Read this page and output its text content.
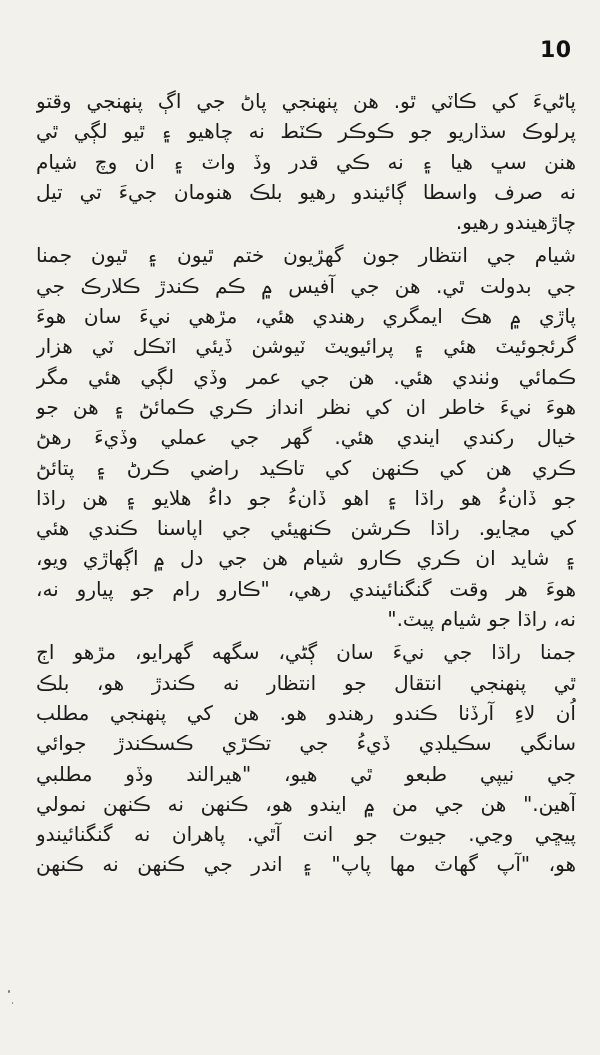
10
پاڻيءَ کي ڪاٽي ٿو. هن پنهنجي پاڻ جي اڳ پنهنجي وقتو
پرلوڪ سڌاريو جو ڪوڪر ڪٽط نه چاهيو ۽ ٿيو لڳي ٿي
هنن سڀ هيا ۽ نه ڪي قدر وڏ واٽ ۽ ان وچ شيام
نه صرف واسطا ڳائيندو رهيو بلڪ هنومان جيءَ تي تيل
چاڙهيندو رهيو.
شيام جي انتظار جون گهڙيون ختم ٿيون ۽ ٿيون جمنا
جي بدولت ٿي. هن جي آفيس ۾ ڪم ڪندڙ ڪلارڪ جي
پاڙي ۾ هڪ ايمگري رهندي هئي، مڙهي نيءَ سان هوءَ
گرئجوئيٽ هئي ۽ پرائيويٽ ٽيوشن ڏيئي اٽڪل ٽي هزار
ڪمائي وٺندي هئي. هن جي عمر وڏي لڳي هئي مگر
هوءَ نيءَ خاطر ان کي نظر انداز ڪري ڪمائڻ ۽ هن جو
خيال رکندي ايندي هئي. گهر جي عملي وڏيءَ رهڻ
ڪري هن کي ڪنهن کي تاڪيد راضي ڪرڻ ۽ پتائڻ
جو ڏانءُ هو راڌا ۽ اهو ڏانءُ جو داءُ هلايو ۽ هن راڌا
کي مڃايو. راڌا ڪرشن ڪنهيئي جي اپاسنا ڪندي هئي
۽ شايد ان ڪري ڪارو شيام هن جي دل ۾ اڳهاڙي ويو،
هوءَ هر وقت گنگنائيندي رهي، "ڪارو رام جو پيارو نه،
نه، راڌا جو شيام پيٽ."
جمنا راڌا جي نيءَ سان ڳڻي، سگهه گهرايو، مڙهو اڄ
ٿي پنهنجي انتقال جو انتظار نه ڪندڙ هو، بلڪ
اُن لاءِ آرڏٺا ڪندو رهندو هو. هن کي پنهنجي مطلب
سانگي سڪيلڊي ڏيءُ جي تڪڙي ڪسڪندڙ جوائي
جي نيپي طبعو ٿي هيو، "هيرالند وڏو مطلبي
آهين." هن جي من ۾ ايندو هو، ڪنهن نه ڪنهن نمولي
پيڇي وڃي. جيوت جو انت آٿي. پاهران نه گنگنائيندو
هو، "آپ گهاٽ مها پاپ" ۽ اندر جي ڪنهن نه ڪنهن
